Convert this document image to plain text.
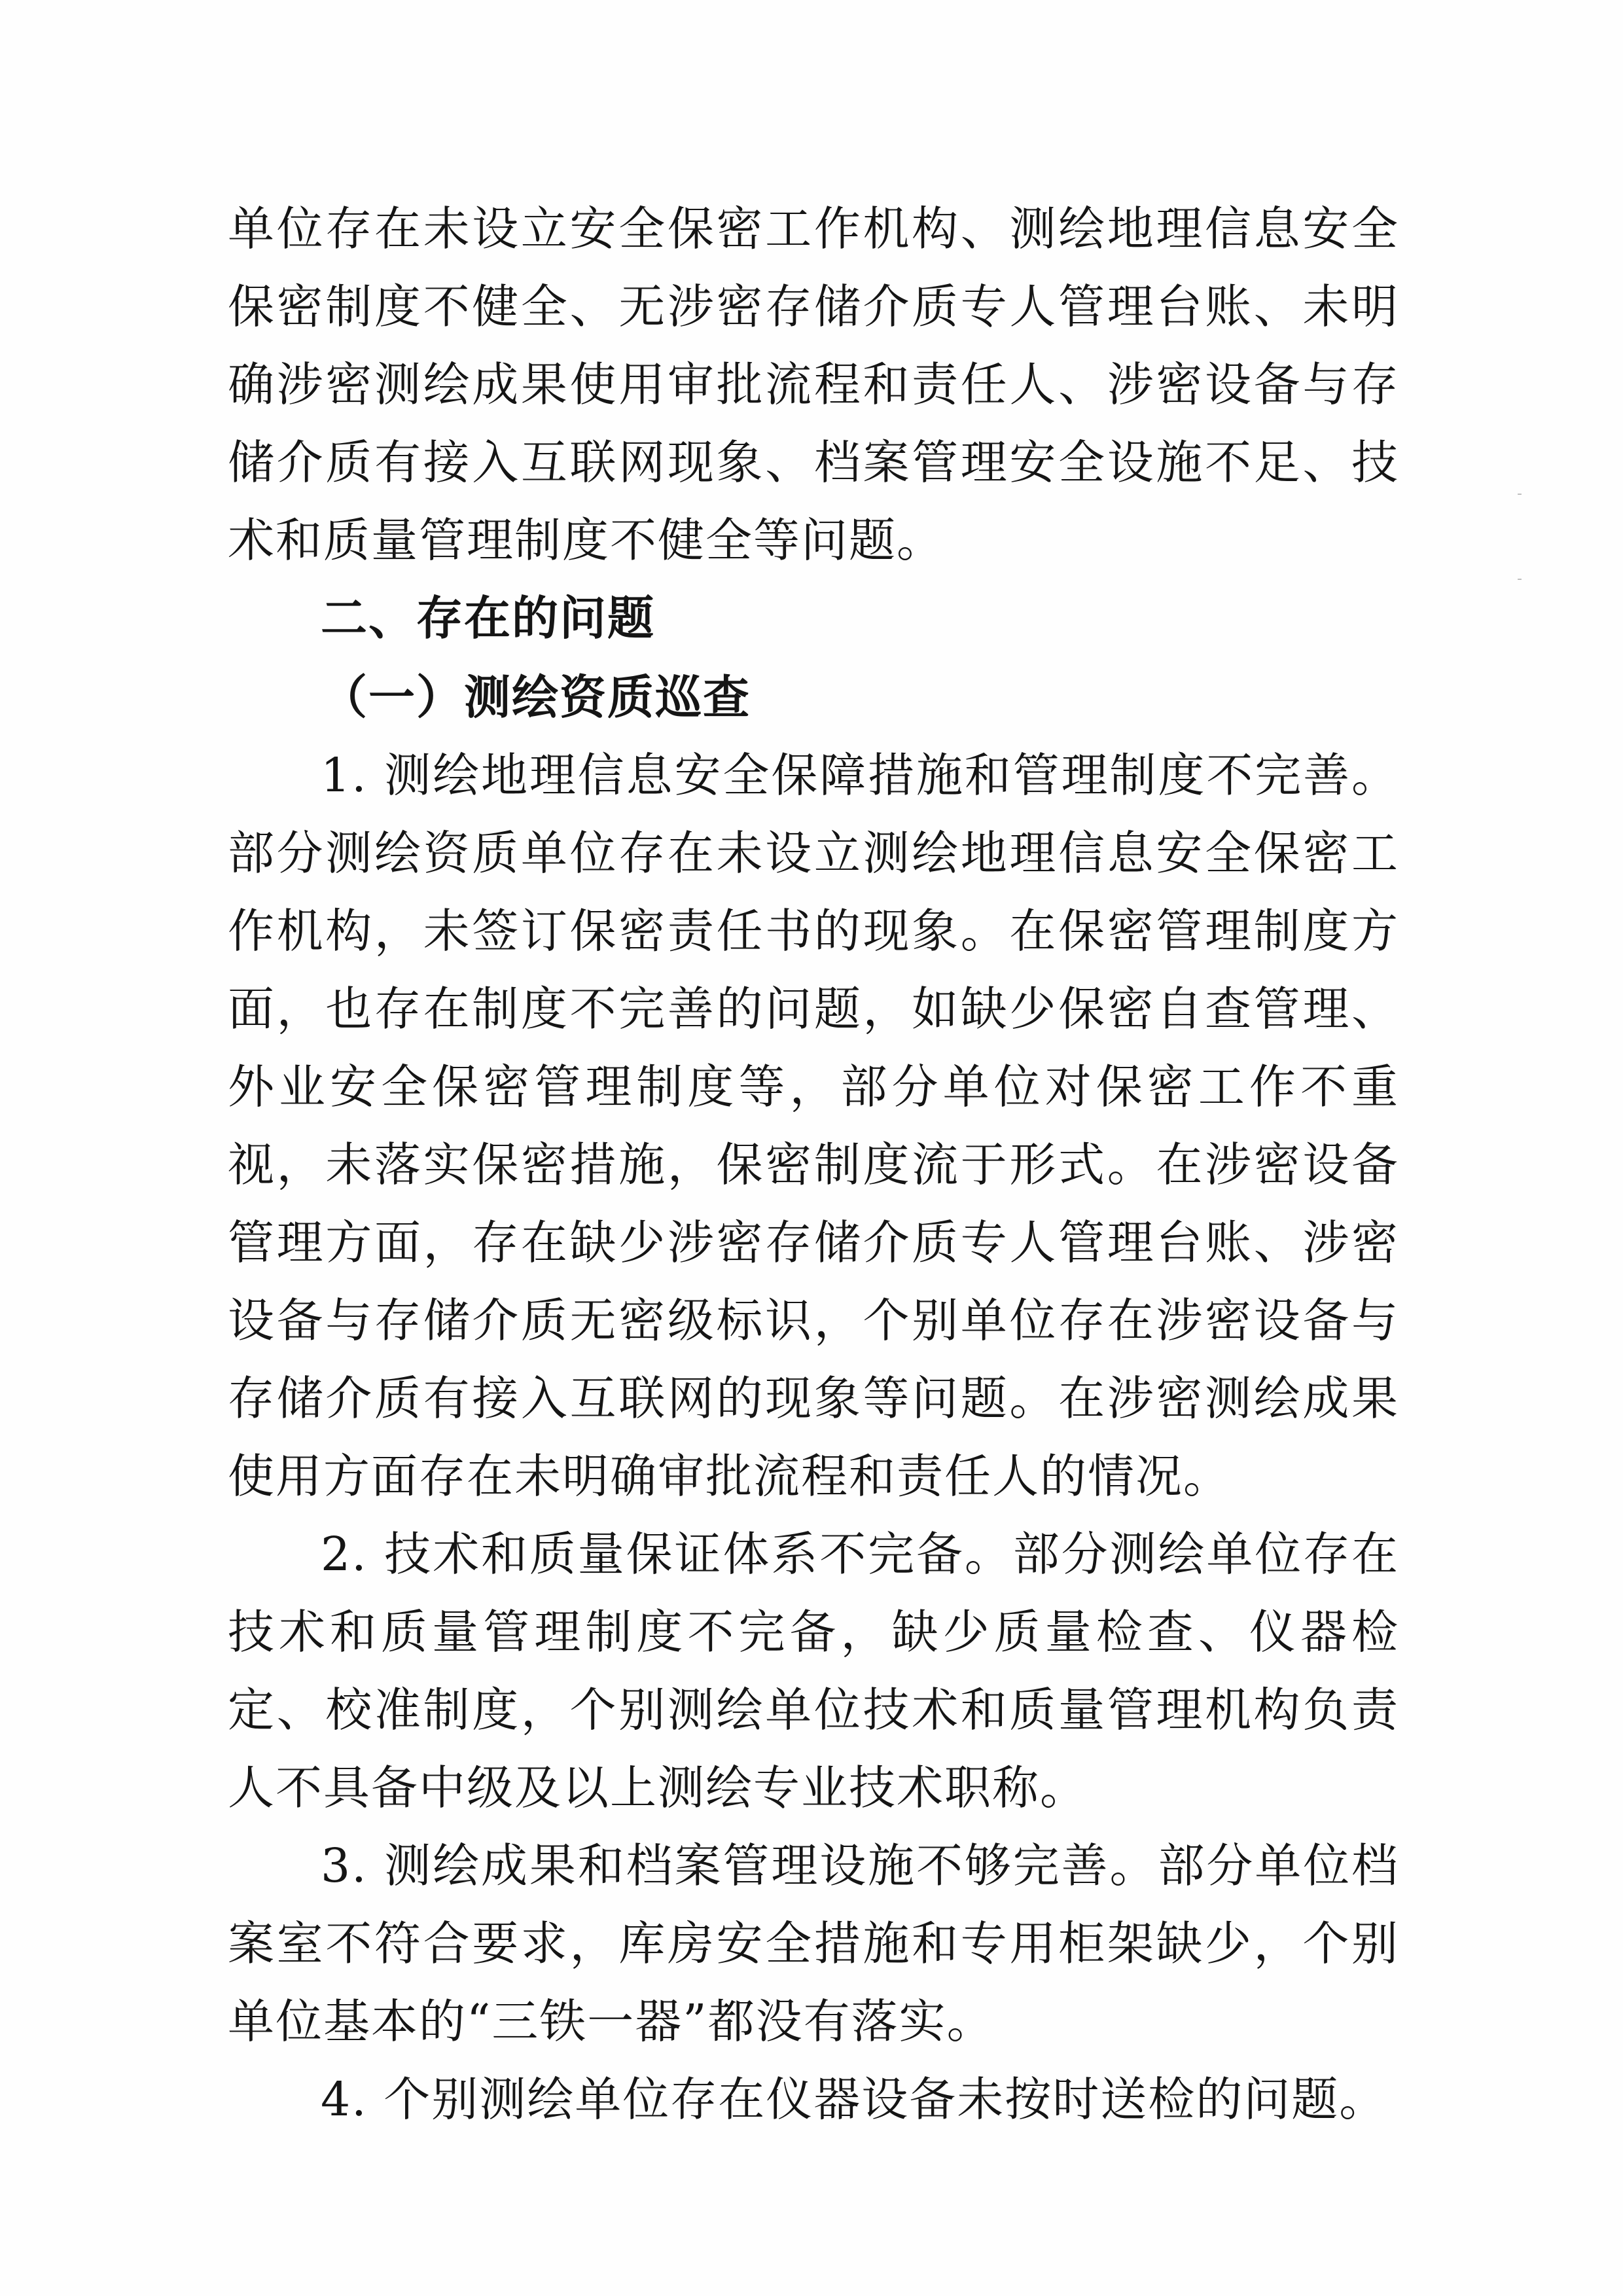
‐
‐

单位存在未设立安全保密工作机构、测绘地理信息安全保密制度不健全、无涉密存储介质专人管理台账、未明确涉密测绘成果使用审批流程和责任人、涉密设备与存储介质有接入互联网现象、档案管理安全设施不足、技术和质量管理制度不健全等问题。

二、存在的问题
（一）测绘资质巡查

1. 测绘地理信息安全保障措施和管理制度不完善。部分测绘资质单位存在未设立测绘地理信息安全保密工作机构，未签订保密责任书的现象。在保密管理制度方面，也存在制度不完善的问题，如缺少保密自查管理、外业安全保密管理制度等，部分单位对保密工作不重视，未落实保密措施，保密制度流于形式。在涉密设备管理方面，存在缺少涉密存储介质专人管理台账、涉密设备与存储介质无密级标识，个别单位存在涉密设备与存储介质有接入互联网的现象等问题。在涉密测绘成果使用方面存在未明确审批流程和责任人的情况。

2. 技术和质量保证体系不完备。部分测绘单位存在技术和质量管理制度不完备，缺少质量检查、仪器检定、校准制度，个别测绘单位技术和质量管理机构负责人不具备中级及以上测绘专业技术职称。

3. 测绘成果和档案管理设施不够完善。部分单位档案室不符合要求，库房安全措施和专用柜架缺少，个别单位基本的“三铁一器”都没有落实。

4. 个别测绘单位存在仪器设备未按时送检的问题。
